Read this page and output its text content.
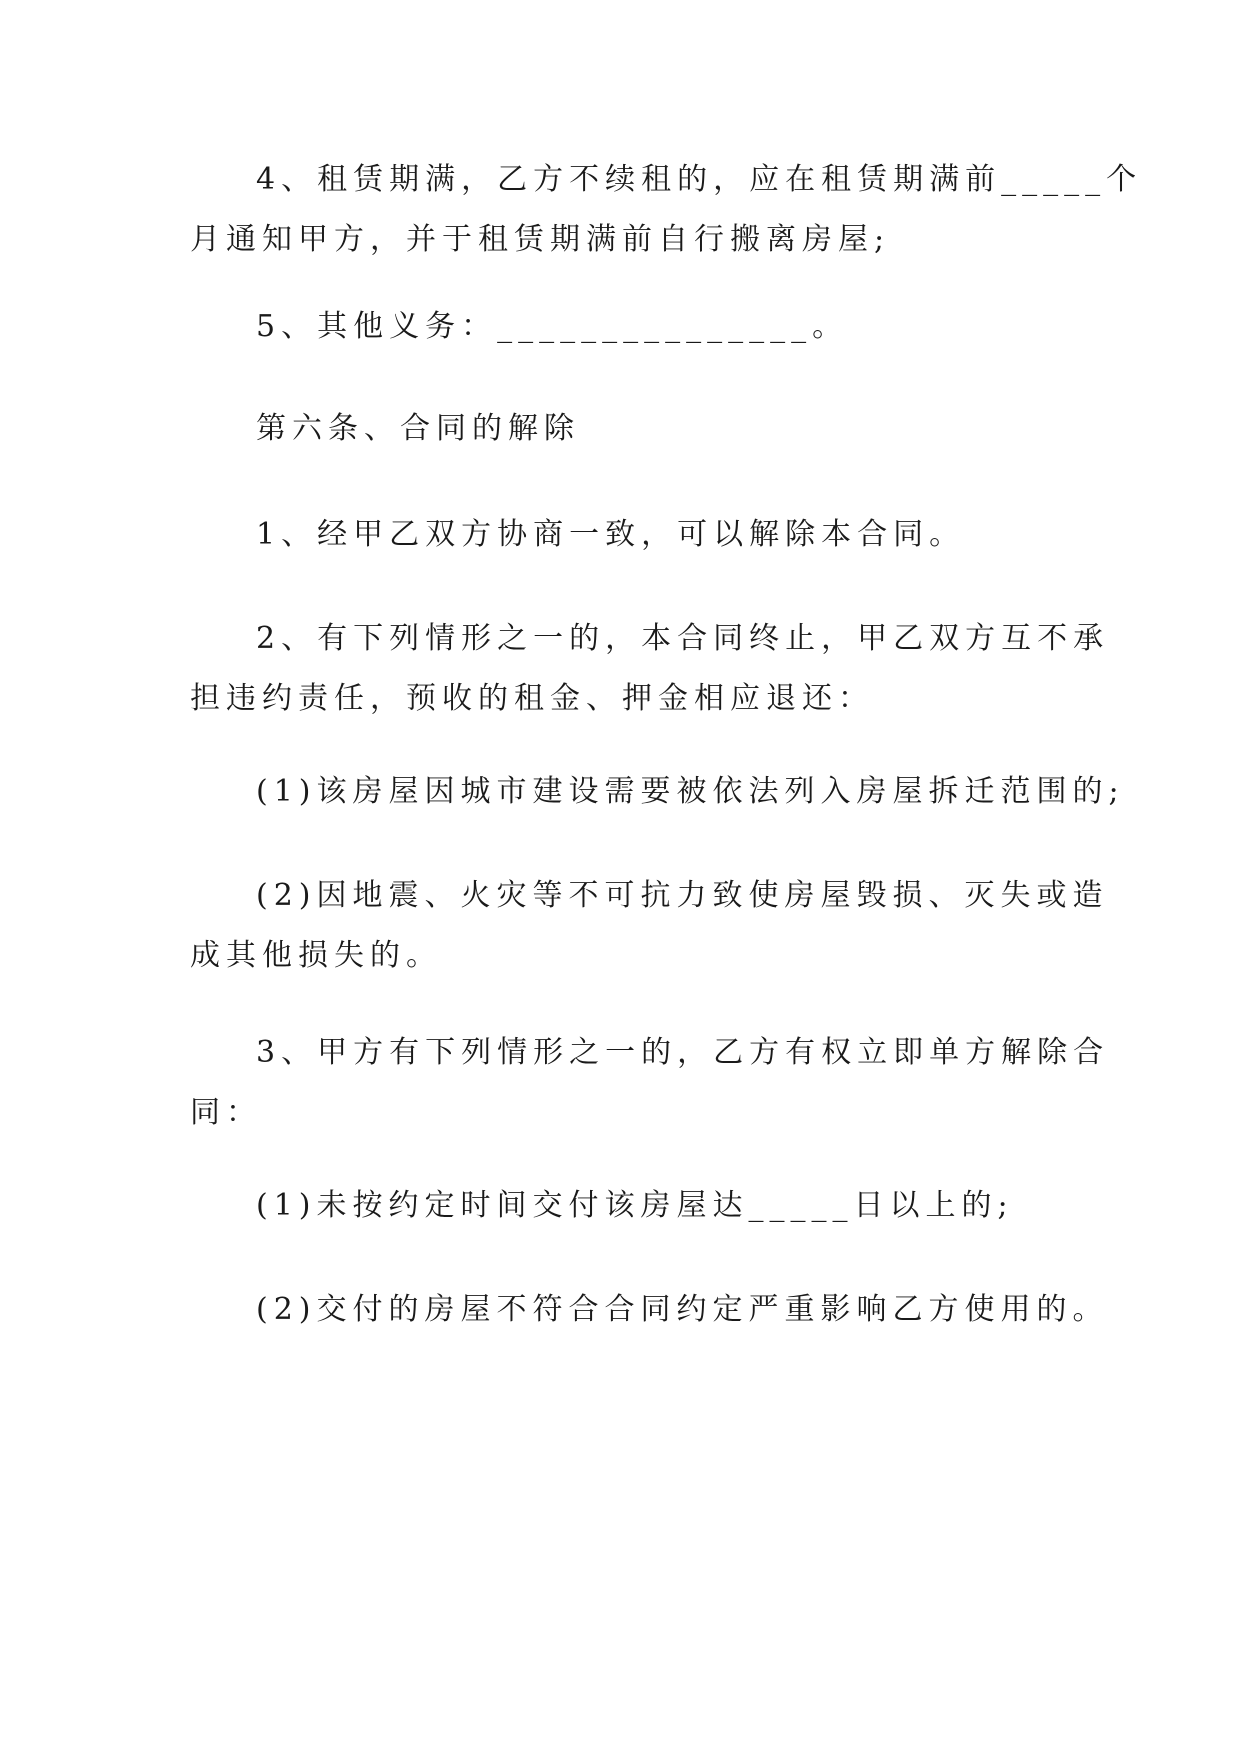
4、租赁期满，乙方不续租的，应在租赁期满前_____个
月通知甲方，并于租赁期满前自行搬离房屋;

5、其他义务：_______________。

第六条、合同的解除

1、经甲乙双方协商一致，可以解除本合同。

2、有下列情形之一的，本合同终止，甲乙双方互不承
担违约责任，预收的租金、押金相应退还：

(1)该房屋因城市建设需要被依法列入房屋拆迁范围的;

(2)因地震、火灾等不可抗力致使房屋毁损、灭失或造
成其他损失的。

3、甲方有下列情形之一的，乙方有权立即单方解除合
同：

(1)未按约定时间交付该房屋达_____日以上的;

(2)交付的房屋不符合合同约定严重影响乙方使用的。
